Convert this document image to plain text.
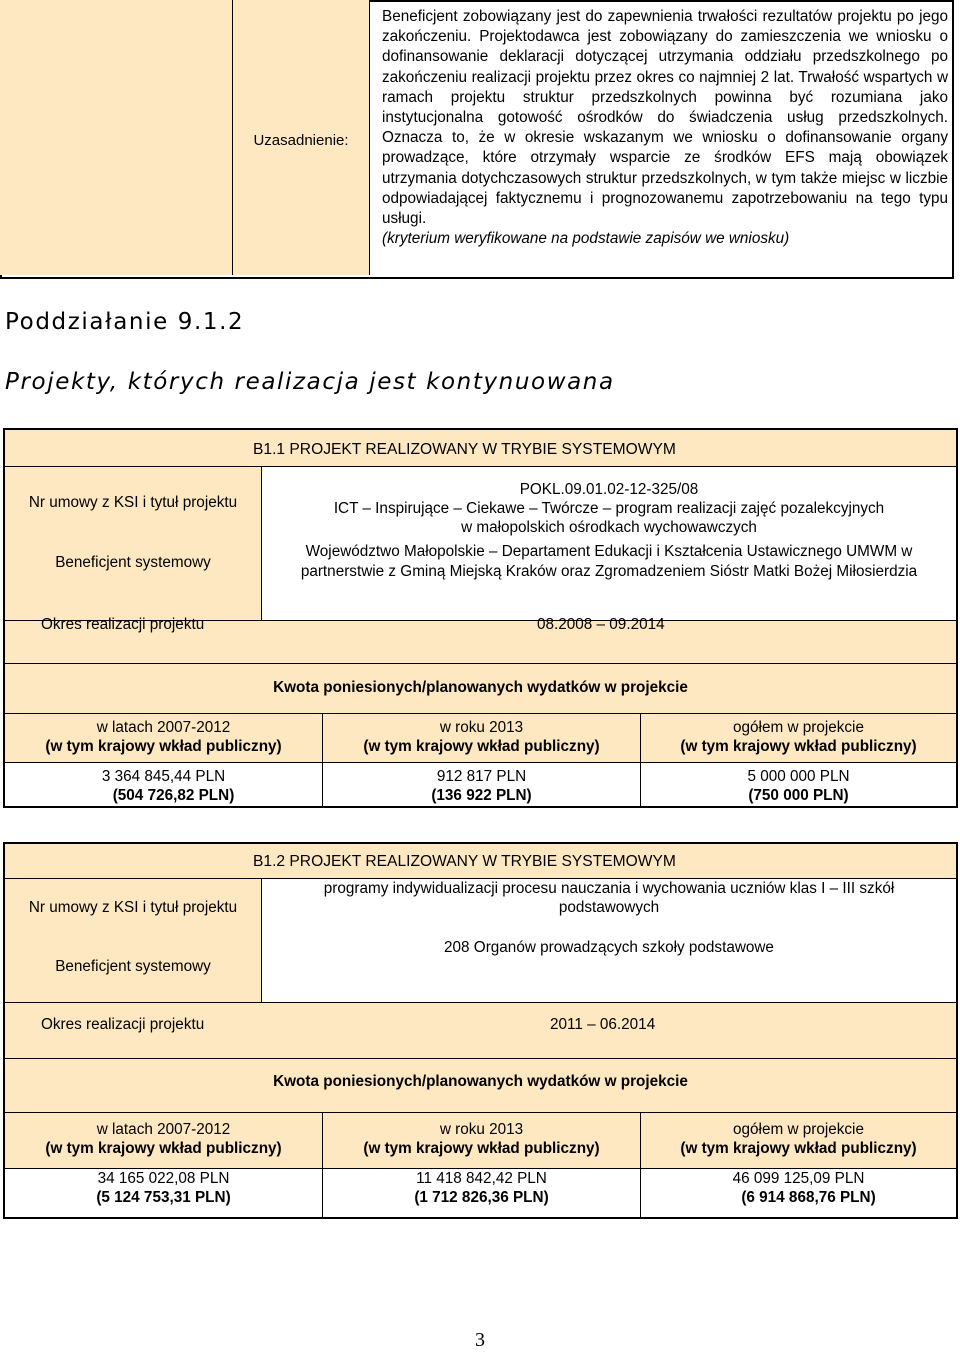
Uzasadnienie:

Beneficjent zobowiązany jest do zapewnienia trwałości rezultatów projektu po jego zakończeniu. Projektodawca jest zobowiązany do zamieszczenia we wniosku o dofinansowanie deklaracji dotyczącej utrzymania oddziału przedszkolnego po zakończeniu realizacji projektu przez okres co najmniej 2 lat. Trwałość wspartych w ramach projektu struktur przedszkolnych powinna być rozumiana jako instytucjonalna gotowość ośrodków do świadczenia usług przedszkolnych. Oznacza to, że w okresie wskazanym we wniosku o dofinansowanie organy prowadzące, które otrzymały wsparcie ze środków EFS mają obowiązek utrzymania dotychczasowych struktur przedszkolnych, w tym także miejsc w liczbie odpowiadającej faktycznemu i prognozowanemu zapotrzebowaniu na tego typu usługi.

(kryterium weryfikowane na podstawie zapisów we wniosku)

Poddziałanie 9.1.2
Projekty, których realizacja jest kontynuowana
B1.1 PROJEKT REALIZOWANY W TRYBIE SYSTEMOWYM
Nr umowy z KSI i tytuł projektu
Beneficjent systemowy
POKL.09.01.02-12-325/08
ICT – Inspirujące – Ciekawe – Twórcze – program realizacji zajęć pozalekcyjnych
w małopolskich ośrodkach wychowawczych
Województwo Małopolskie – Departament Edukacji i Kształcenia Ustawicznego UMWM w
partnerstwie z Gminą Miejską Kraków oraz Zgromadzeniem Sióstr Matki Bożej Miłosierdzia
Okres realizacji projektu	08.2008 – 09.2014
Kwota poniesionych/planowanych wydatków w projekcie
w latach 2007-2012
(w tym krajowy wkład publiczny)
w roku 2013
(w tym krajowy wkład publiczny)
ogółem w projekcie
(w tym krajowy wkład publiczny)
3 364 845,44 PLN
(504 726,82 PLN)
912 817 PLN
(136 922 PLN)
5 000 000 PLN
(750 000 PLN)
B1.2 PROJEKT REALIZOWANY W TRYBIE SYSTEMOWYM
Nr umowy z KSI i tytuł projektu
Beneficjent systemowy
programy indywidualizacji procesu nauczania i wychowania uczniów klas I – III szkół
podstawowych
208 Organów prowadzących szkoły podstawowe
Okres realizacji projektu	2011 – 06.2014
Kwota poniesionych/planowanych wydatków w projekcie
w latach 2007-2012
(w tym krajowy wkład publiczny)
w roku 2013
(w tym krajowy wkład publiczny)
ogółem w projekcie
(w tym krajowy wkład publiczny)
34 165 022,08 PLN
(5 124 753,31 PLN)
11 418 842,42 PLN
(1 712 826,36 PLN)
46 099 125,09 PLN
(6 914 868,76 PLN)
3
